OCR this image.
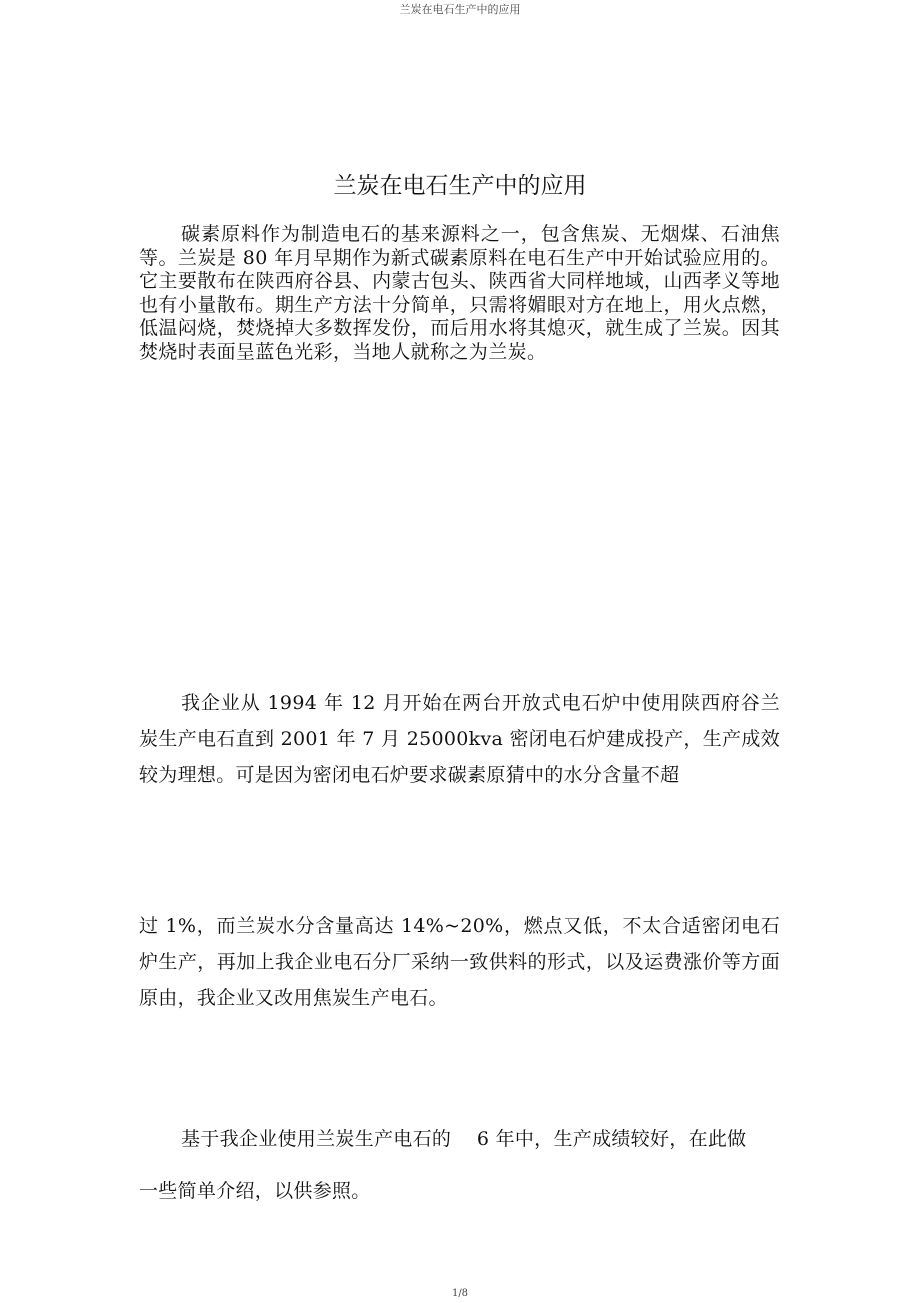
兰炭在电石生产中的应用
兰炭在电石生产中的应用

碳素原料作为制造电石的基来源料之一，包含焦炭、无烟煤、石油焦等。兰炭是 80 年月早期作为新式碳素原料在电石生产中开始试验应用的。它主要散布在陕西府谷县、内蒙古包头、陕西省大同样地域，山西孝义等地也有小量散布。期生产方法十分简单，只需将媚眼对方在地上，用火点燃，低温闷烧，焚烧掉大多数挥发份，而后用水将其熄灭，就生成了兰炭。因其焚烧时表面呈蓝色光彩，当地人就称之为兰炭。

我企业从 1994 年 12 月开始在两台开放式电石炉中使用陕西府谷兰炭生产电石直到 2001 年 7 月 25000kva 密闭电石炉建成投产，生产成效较为理想。可是因为密闭电石炉要求碳素原猜中的水分含量不超

过 1%，而兰炭水分含量高达 14%~20%，燃点又低，不太合适密闭电石炉生产，再加上我企业电石分厂采纳一致供料的形式，以及运费涨价等方面原由，我企业又改用焦炭生产电石。

基于我企业使用兰炭生产电石的　 6 年中，生产成绩较好，在此做

一些简单介绍，以供参照。

1/8
